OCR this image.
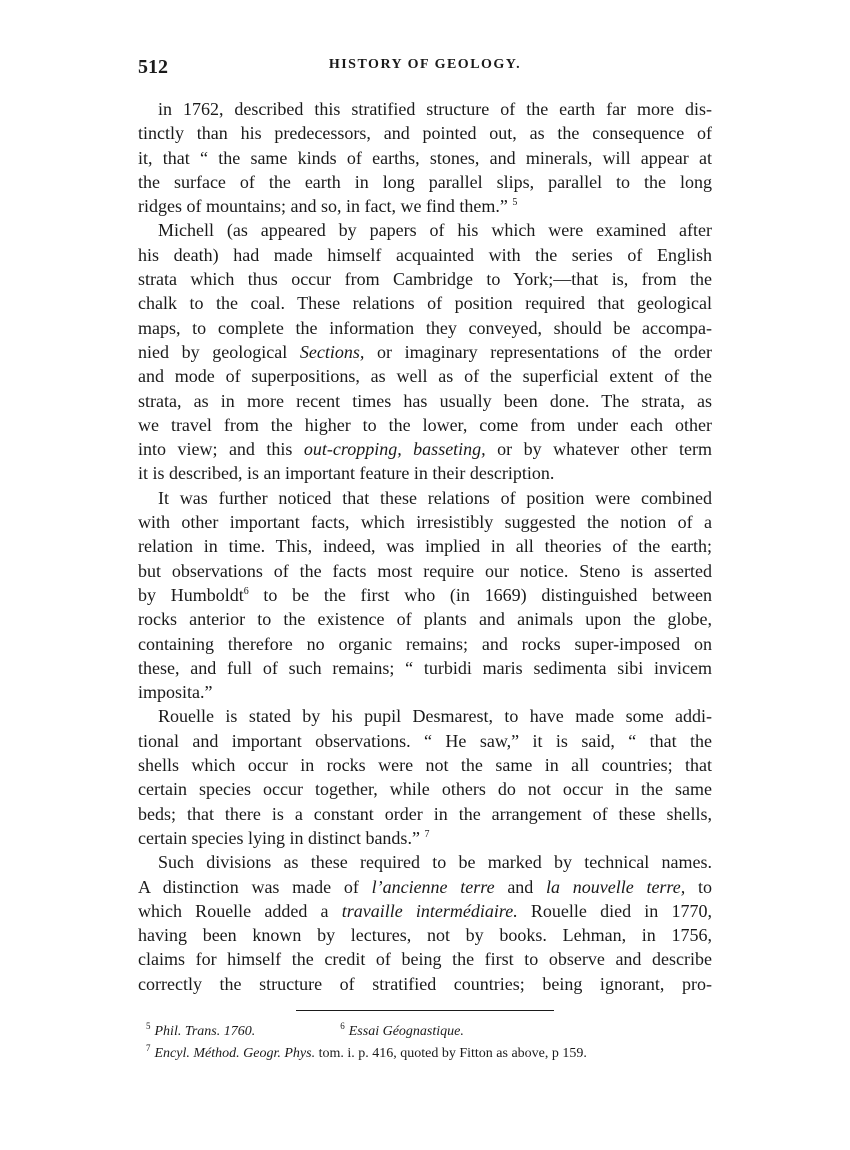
512	HISTORY OF GEOLOGY.
in 1762, described this stratified structure of the earth far more dis-
tinctly than his predecessors, and pointed out, as the consequence of
it, that “ the same kinds of earths, stones, and minerals, will appear at
the surface of the earth in long parallel slips, parallel to the long
ridges of mountains; and so, in fact, we find them.” $^5$
Michell (as appeared by papers of his which were examined after
his death) had made himself acquainted with the series of English
strata which thus occur from Cambridge to York;—that is, from the
chalk to the coal. These relations of position required that geological
maps, to complete the information they conveyed, should be accompa-
nied by geological Sections, or imaginary representations of the order
and mode of superpositions, as well as of the superficial extent of the
strata, as in more recent times has usually been done. The strata, as
we travel from the higher to the lower, come from under each other
into view; and this out-cropping, basseting, or by whatever other term
it is described, is an important feature in their description.
It was further noticed that these relations of position were combined
with other important facts, which irresistibly suggested the notion of a
relation in time. This, indeed, was implied in all theories of the earth;
but observations of the facts most require our notice. Steno is asserted
by Humboldt$^6$ to be the first who (in 1669) distinguished between
rocks anterior to the existence of plants and animals upon the globe,
containing therefore no organic remains; and rocks super-imposed on
these, and full of such remains; “ turbidi maris sedimenta sibi invicem
imposita.”
Rouelle is stated by his pupil Desmarest, to have made some addi-
tional and important observations. “ He saw,” it is said, “ that the
shells which occur in rocks were not the same in all countries; that
certain species occur together, while others do not occur in the same
beds; that there is a constant order in the arrangement of these shells,
certain species lying in distinct bands.” $^7$
Such divisions as these required to be marked by technical names.
A distinction was made of l’ancienne terre and la nouvelle terre, to
which Rouelle added a travaille intermédiaire. Rouelle died in 1770,
having been known by lectures, not by books. Lehman, in 1756,
claims for himself the credit of being the first to observe and describe
correctly the structure of stratified countries; being ignorant, pro-
$^5$ Phil. Trans. 1760.	$^6$ Essai Géognastique.
$^7$ Encyl. Méthod. Geogr. Phys. tom. i. p. 416, quoted by Fitton as above, p 159.
